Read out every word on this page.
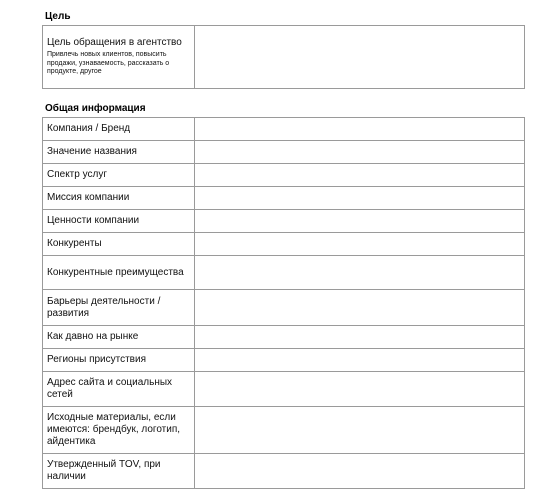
Цель
Цель обращения в агентство
Привлечь новых клиентов, повысить продажи, узнаваемость, рассказать о продукте, другое

Общая информация
Компания / Бренд	
Значение названия	
Спектр услуг	
Миссия компании	
Ценности компании	
Конкуренты	
Конкурентные преимущества	
Барьеры деятельности / развития	
Как давно на рынке	
Регионы присутствия	
Адрес сайта и социальных сетей	
Исходные материалы, если имеются: брендбук, логотип, айдентика	
Утвержденный TOV, при наличии	
